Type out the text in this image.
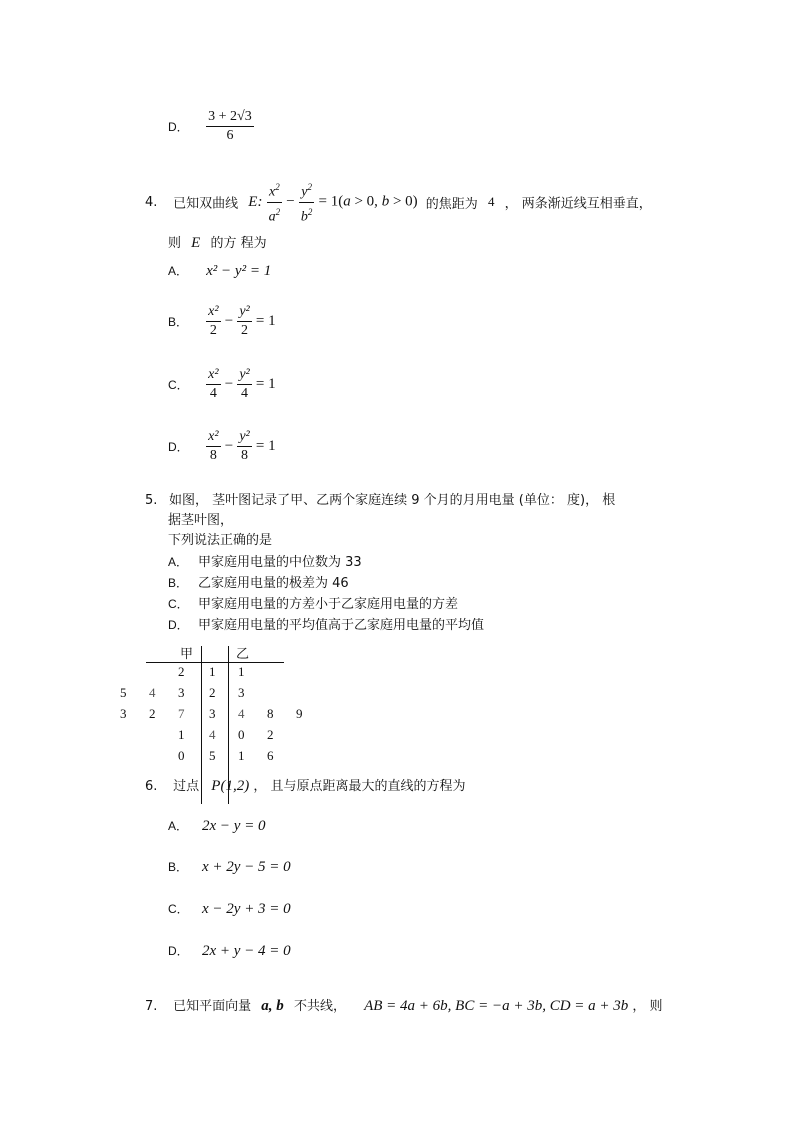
D． $\frac{3 + 2√3}{6}$
4. 已知双曲线 E: $\frac{x^2}{a^2} - \frac{y^2}{b^2} = 1(a > 0$, b > 0) 的焦距为 4 ， 两条渐近线互相垂直，
则 E 的方 程为
A． x² − y² = 1
B． $\frac{\text{x²}}{2} - \frac{\text{y²}}{2} = 1$
C． $\frac{\text{x²}}{4} - \frac{\text{y²}}{4} = 1$
D． $\frac{\text{x²}}{8} - \frac{\text{y²}}{8} = 1$
5. 如图， 茎叶图记录了甲、乙两个家庭连续 9 个月的月用电量 (单位： 度)， 根
据茎叶图，
下列说法正确的是
A． 甲家庭用电量的中位数为 33
B． 乙家庭用电量的极差为 46
C． 甲家庭用电量的方差小于乙家庭用电量的方差
D． 甲家庭用电量的平均值高于乙家庭用电量的平均值
甲	乙
2 1 1
5 4 3 2 3
3 2 7 3 4 8 9
1 4 0 2
0 5 1 6
6. 过点 P(1,2) ， 且与原点距离最大的直线的方程为
A． 2x − y = 0
B． x + 2y − 5 = 0
C． x − 2y + 3 = 0
D． 2x + y − 4 = 0
7. 已知平面向量 a, b 不共线， AB = 4a + 6b, BC = −a + 3b, CD = a + 3b ， 则
